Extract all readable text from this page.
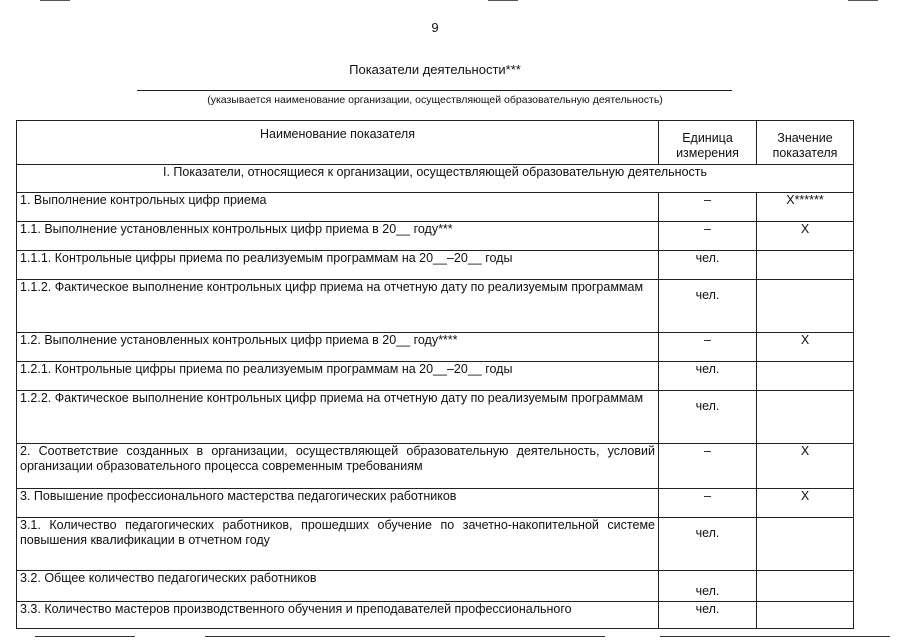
9
Показатели деятельности***
(указывается наименование организации, осуществляющей образовательную деятельность)
Наименование показателя	Единица измерения	Значение показателя
I. Показатели, относящиеся к организации, осуществляющей образовательную деятельность		
1. Выполнение контрольных цифр приема	–	X******
1.1. Выполнение установленных контрольных цифр приема в 20__ году***	–	X
1.1.1. Контрольные цифры приема по реализуемым программам на 20__–20__ годы	чел.	
1.1.2. Фактическое выполнение контрольных цифр приема на отчетную дату по реализуемым программам	чел.	
1.2. Выполнение установленных контрольных цифр приема в 20__ году****	–	X
1.2.1. Контрольные цифры приема по реализуемым программам на 20__–20__ годы	чел.	
1.2.2. Фактическое выполнение контрольных цифр приема на отчетную дату по реализуемым программам	чел.	
2. Соответствие созданных в организации, осуществляющей образовательную деятельность, условий организации образовательного процесса современным требованиям	–	X
3. Повышение профессионального мастерства педагогических работников	–	X
3.1. Количество педагогических работников, прошедших обучение по зачетно-накопительной системе повышения квалификации в отчетном году	чел.	
3.2. Общее количество педагогических работников	чел.	
3.3. Количество мастеров производственного обучения и преподавателей профессионального	чел.	
